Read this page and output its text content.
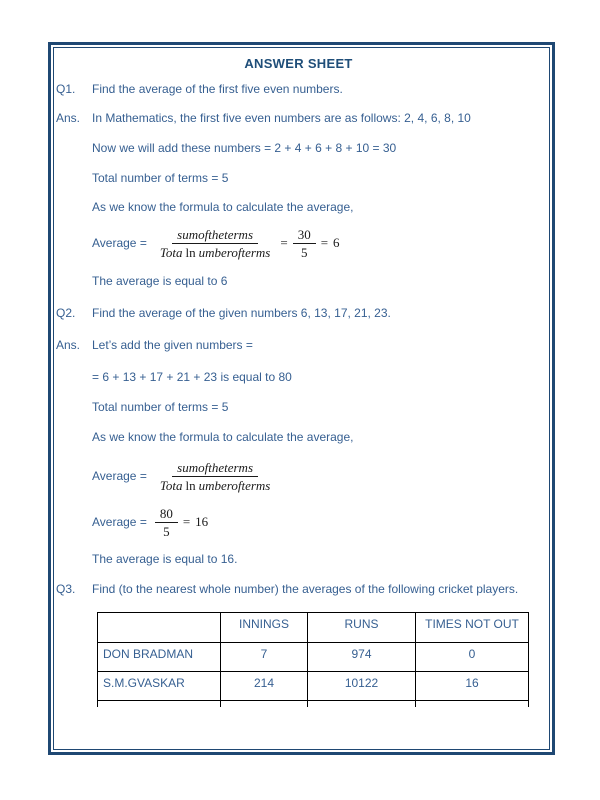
ANSWER SHEET
Q1.	Find the average of the first five even numbers.
Ans. In Mathematics, the first five even numbers are as follows: 2, 4, 6, 8, 10
Now we will add these numbers = 2 + 4 + 6 + 8 + 10 = 30
Total number of terms = 5
As we know the formula to calculate the average,
Average = $\frac{\text{sumoftheterms}}{\text{Tota ln umberofterms}} = \frac{30}{5} = 6$
The average is equal to 6
Q2.	Find the average of the given numbers 6, 13, 17, 21, 23.
Ans. Let’s add the given numbers =
= 6 + 13 + 17 + 21 + 23 is equal to 80
Total number of terms = 5
As we know the formula to calculate the average,
Average = $\frac{\text{sumoftheterms}}{\text{Tota ln umberofterms}}$
Average = $\frac{80}{5} = 16$
The average is equal to 16.
Q3.	Find (to the nearest whole number) the averages of the following cricket players.
	INNINGS	RUNS	TIMES NOT OUT
DON BRADMAN	7	974	0
S.M.GVASKAR	214	10122	16
